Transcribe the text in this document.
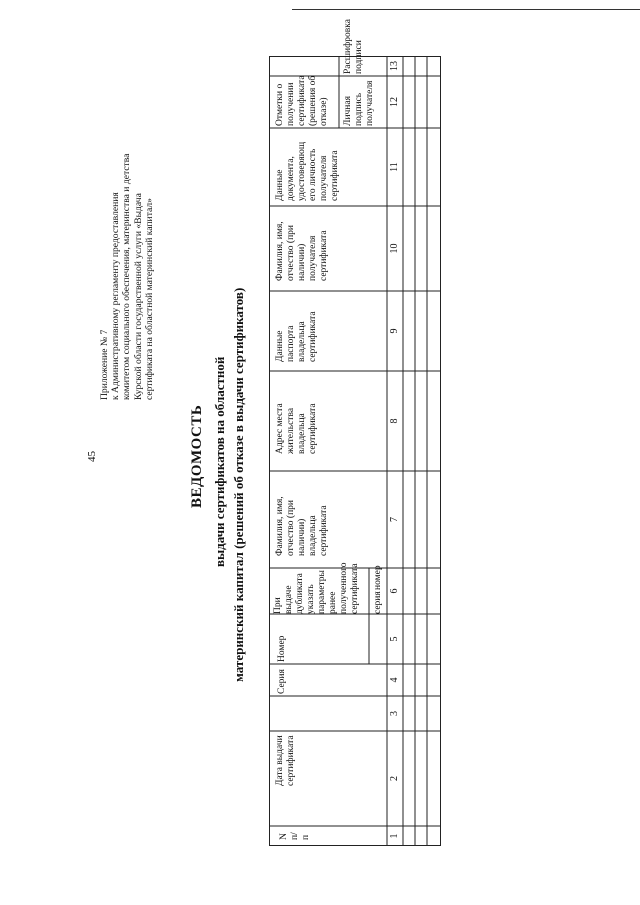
45
Приложение № 7 к Административному регламенту предоставления комитетом социального обеспечения, материнства и детства Курской области государственной услуги «Выдача сертификата на областной материнский капитал»
ВЕДОМОСТЬ выдачи сертификатов на областной материнский капитал (решений об отказе в выдачи сертификатов)
N п/п
Дата выдачи сертификата
Серия
Номер
При выдаче дубликата указать параметры ранее полученного сертификата серия
номер
Фамилия, имя, отчество (при наличии) владельца сертификата
Адрес места жительства владельца сертификата
Данные паспорта владельца сертификата
Фамилия, имя, отчество (при наличии) получателя сертификата
Данные документа, удостоверяющ его личность получателя сертификата
Отметки о получении сертификата (решения об отказе) Личная подпись получателя
Расшифровка подписи
1
2
3
4
5
6
7
8
9
10
11
12
13
